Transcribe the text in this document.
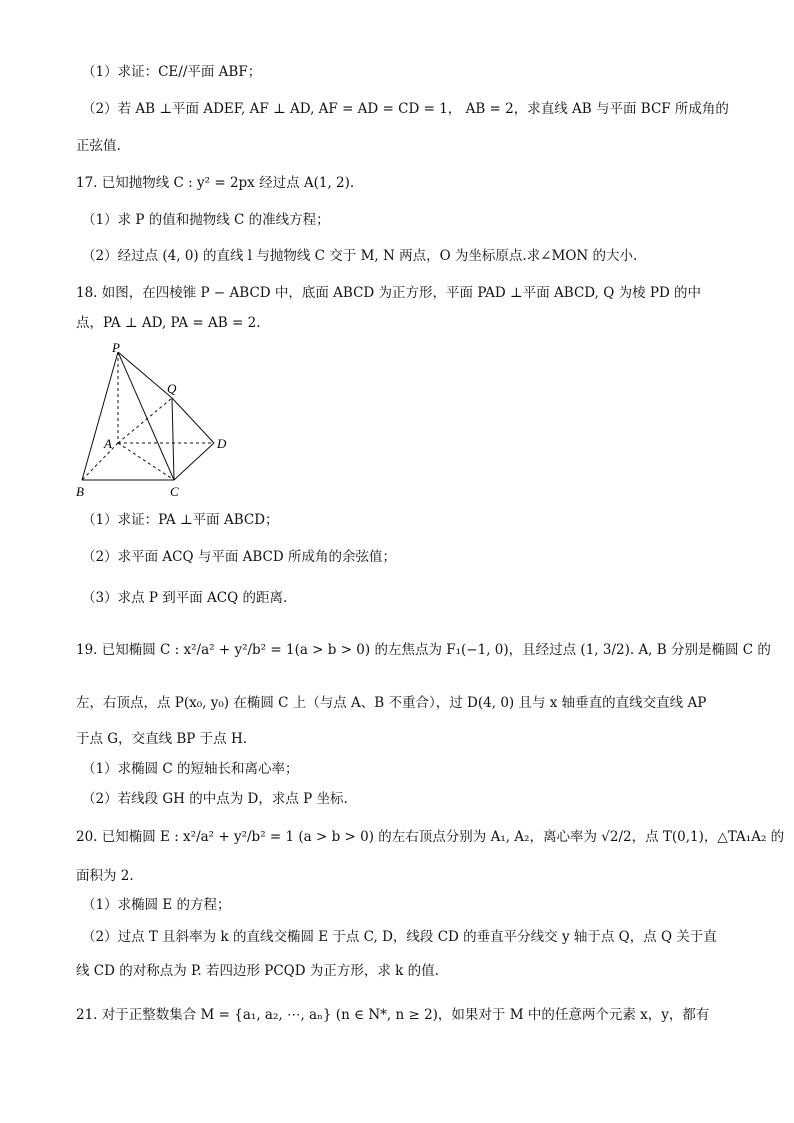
（1）求证：CE//平面 ABF；
（2）若 AB ⊥平面 ADEF, AF ⊥ AD, AF = AD = CD = 1， AB = 2，求直线 AB 与平面 BCF 所成角的
正弦值.
17. 已知抛物线 C : y² = 2px 经过点 A(1, 2).
（1）求 P 的值和抛物线 C 的准线方程；
（2）经过点 (4, 0) 的直线 l 与抛物线 C 交于 M, N 两点，O 为坐标原点.求∠MON 的大小.
18. 如图，在四棱锥 P − ABCD 中，底面 ABCD 为正方形，平面 PAD ⊥平面 ABCD, Q 为棱 PD 的中
点，PA ⊥ AD, PA = AB = 2.
P
Q
A	D
B	C
（1）求证：PA ⊥平面 ABCD；
（2）求平面 ACQ 与平面 ABCD 所成角的余弦值；
（3）求点 P 到平面 ACQ 的距离.
19. 已知椭圆 C : x²/a² + y²/b² = 1(a > b > 0) 的左焦点为 F₁(−1, 0)，且经过点 (1, 3/2). A, B 分别是椭圆 C 的
左，右顶点，点 P(x₀, y₀) 在椭圆 C 上（与点 A、B 不重合），过 D(4, 0) 且与 x 轴垂直的直线交直线 AP
于点 G，交直线 BP 于点 H.
（1）求椭圆 C 的短轴长和离心率；
（2）若线段 GH 的中点为 D，求点 P 坐标.
20. 已知椭圆 E : x²/a² + y²/b² = 1 (a > b > 0) 的左右顶点分别为 A₁, A₂，离心率为 √2/2，点 T(0,1)，△TA₁A₂ 的
面积为 2.
（1）求椭圆 E 的方程；
（2）过点 T 且斜率为 k 的直线交椭圆 E 于点 C, D，线段 CD 的垂直平分线交 y 轴于点 Q，点 Q 关于直
线 CD 的对称点为 P. 若四边形 PCQD 为正方形，求 k 的值.
21. 对于正整数集合 M = {a₁, a₂, ⋯, aₙ} (n ∈ N*, n ≥ 2)，如果对于 M 中的任意两个元素 x，y，都有
